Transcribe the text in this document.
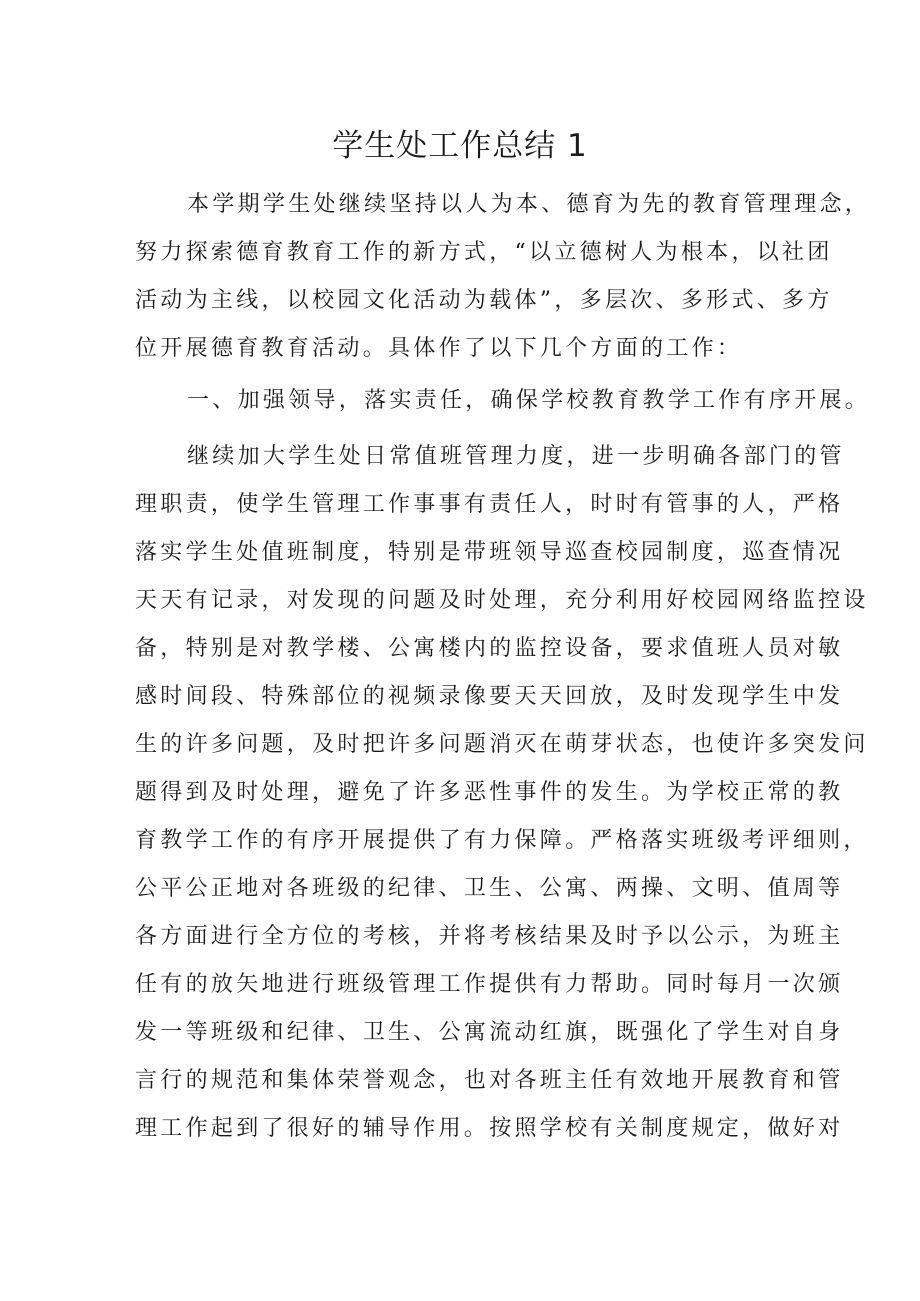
学生处工作总结 1
本学期学生处继续坚持以人为本、德育为先的教育管理理念，
努力探索德育教育工作的新方式，“以立德树人为根本，以社团
活动为主线，以校园文化活动为载体”，多层次、多形式、多方
位开展德育教育活动。具体作了以下几个方面的工作：
一、加强领导，落实责任，确保学校教育教学工作有序开展。
继续加大学生处日常值班管理力度，进一步明确各部门的管
理职责，使学生管理工作事事有责任人，时时有管事的人，严格
落实学生处值班制度，特别是带班领导巡查校园制度，巡查情况
天天有记录，对发现的问题及时处理，充分利用好校园网络监控设
备，特别是对教学楼、公寓楼内的监控设备，要求值班人员对敏
感时间段、特殊部位的视频录像要天天回放，及时发现学生中发
生的许多问题，及时把许多问题消灭在萌芽状态，也使许多突发问
题得到及时处理，避免了许多恶性事件的发生。为学校正常的教
育教学工作的有序开展提供了有力保障。严格落实班级考评细则，
公平公正地对各班级的纪律、卫生、公寓、两操、文明、值周等
各方面进行全方位的考核，并将考核结果及时予以公示，为班主
任有的放矢地进行班级管理工作提供有力帮助。同时每月一次颁
发一等班级和纪律、卫生、公寓流动红旗，既强化了学生对自身
言行的规范和集体荣誉观念，也对各班主任有效地开展教育和管
理工作起到了很好的辅导作用。按照学校有关制度规定，做好对
